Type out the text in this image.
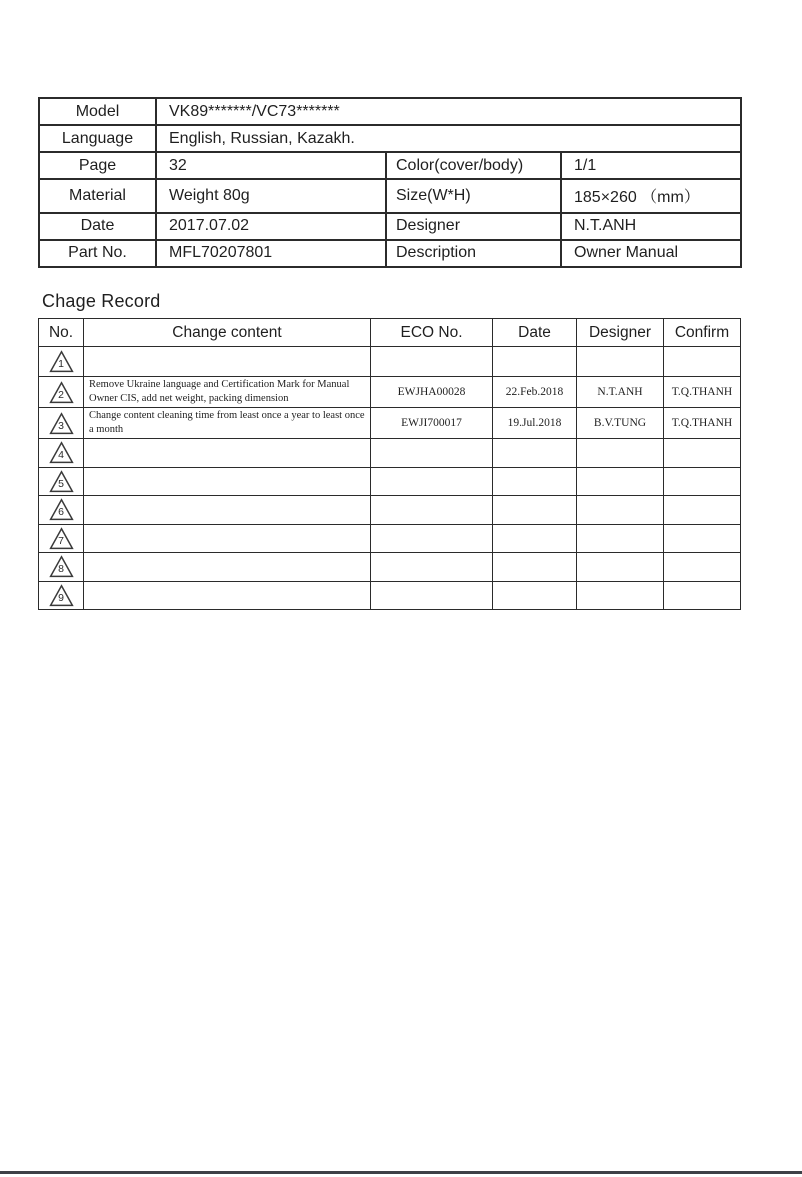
Model	VK89*******/VC73*******		
Language	English, Russian, Kazakh.		
Page	32	Color(cover/body)	1/1
Material	Weight 80g	Size(W*H)	185×260 （mm）
Date	2017.07.02	Designer	N.T.ANH
Part No.	MFL70207801	Description	Owner Manual
Chage Record
No.	Change content	ECO No.	Date	Designer	Confirm

1					

2	Remove Ukraine language and Certification Mark for Manual Owner CIS, add net weight, packing dimension	EWJHA00028	22.Feb.2018	N.T.ANH	T.Q.THANH

3	Change content cleaning time from least once a year to least once a month	EWJI700017	19.Jul.2018	B.V.TUNG	T.Q.THANH

4					

5					

6					

7					

8					

9					
